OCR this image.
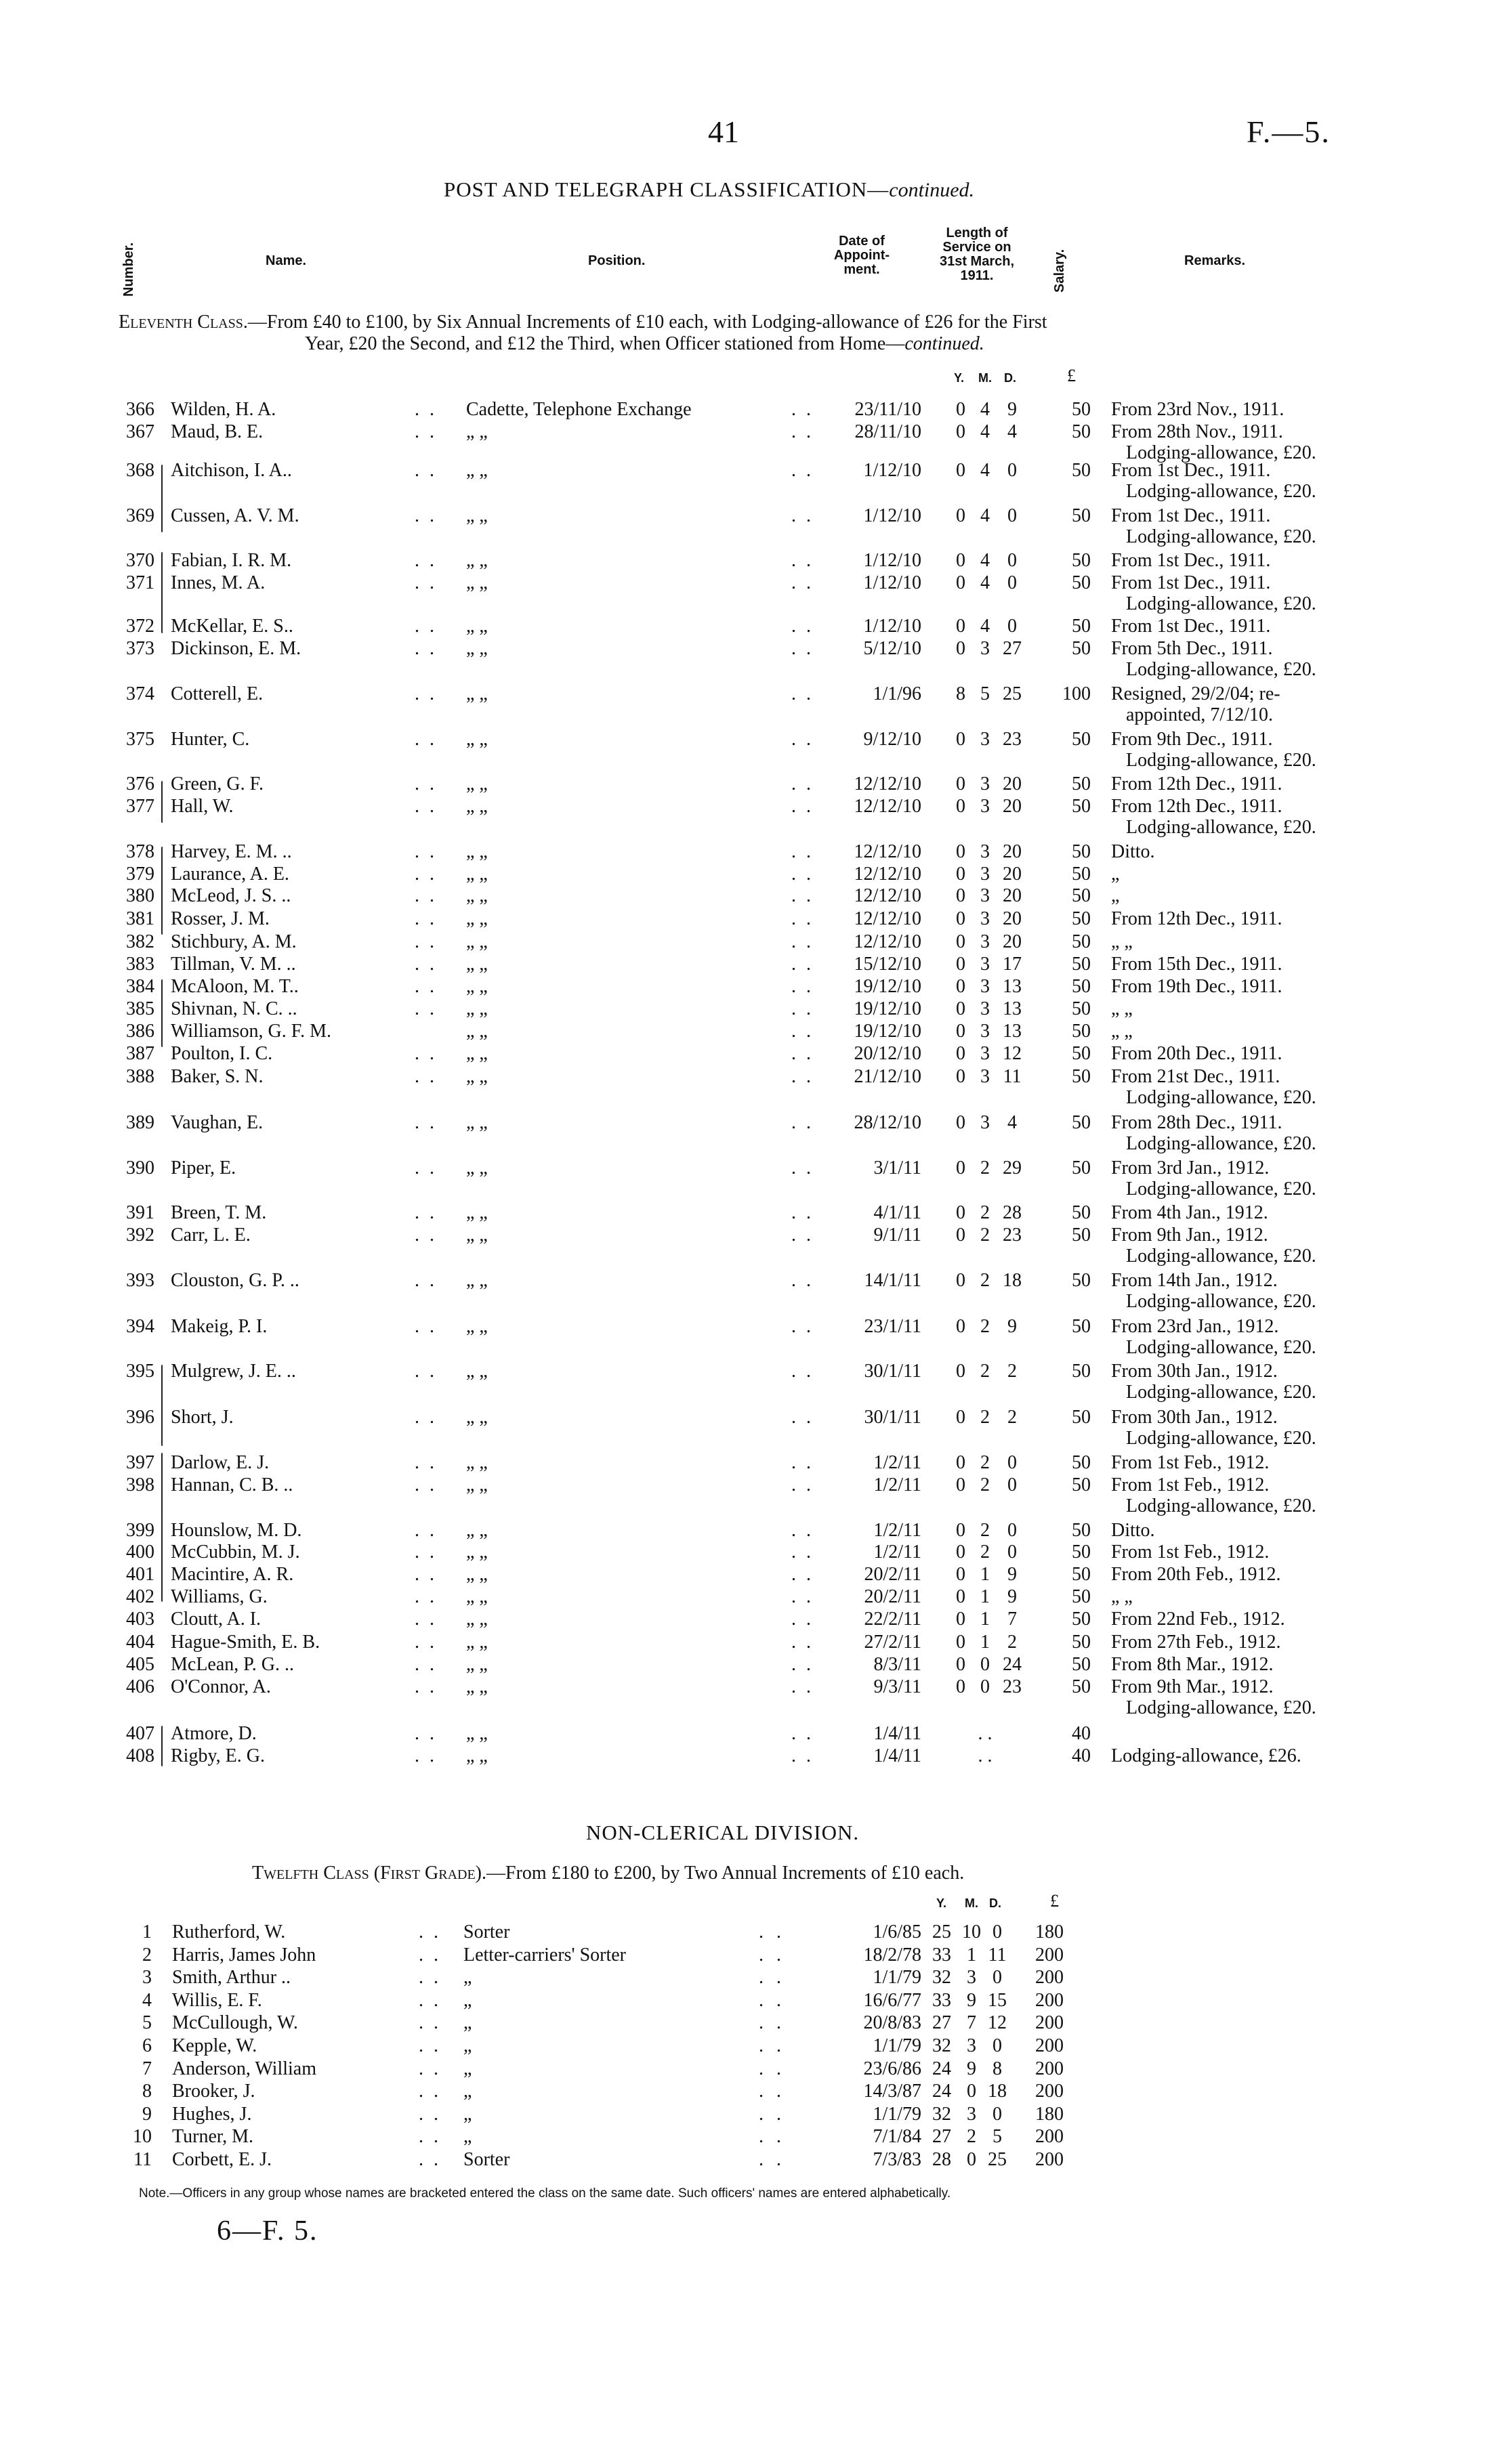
41	F.—5.
POST AND TELEGRAPH CLASSIFICATION—continued.
Number.	Name.	Position.
Date of
Appoint-
ment.
Length of
Service on
31st March,
1911.	Salary.	Remarks.
Eleventh Class.—From £40 to £100, by Six Annual Increments of £10 each, with Lodging-allowance of £26 for the First
Year, £20 the Second, and £12 the Third, when Officer stationed from Home—continued.
Y. M. D.	£
366 Wilden, H. A.	. . Cadette, Telephone Exchange	. .	23/11/10 0 4 9	50 From 23rd Nov., 1911.
367 Maud, B. E.	. . „ „	. .	28/11/10 0 4 4	50 From 28th Nov., 1911.
Lodging-allowance, £20.
368 Aitchison, I. A..	. . „ „	. .	1/12/10 0 4 0	50 From 1st Dec., 1911.
Lodging-allowance, £20.
369 Cussen, A. V. M.	. . „ „	. .	1/12/10 0 4 0	50 From 1st Dec., 1911.
Lodging-allowance, £20.
370 Fabian, I. R. M.	. . „ „	. .	1/12/10 0 4 0	50 From 1st Dec., 1911.
371 Innes, M. A.	. . „ „	. .	1/12/10 0 4 0	50 From 1st Dec., 1911.
Lodging-allowance, £20.
372 McKellar, E. S..	. . „ „	. .	1/12/10 0 4 0	50 From 1st Dec., 1911.
373 Dickinson, E. M.	. . „ „	. .	5/12/10 0 3 27	50 From 5th Dec., 1911.
Lodging-allowance, £20.
374 Cotterell, E.	. . „ „	. .	1/1/96 8 5 25	100 Resigned, 29/2/04; re-
appointed, 7/12/10.
375 Hunter, C.	. . „ „	. .	9/12/10 0 3 23	50 From 9th Dec., 1911.
Lodging-allowance, £20.
376 Green, G. F.	. . „ „	. .	12/12/10 0 3 20	50 From 12th Dec., 1911.
377 Hall, W.	. . „ „	. .	12/12/10 0 3 20	50 From 12th Dec., 1911.
Lodging-allowance, £20.
378 Harvey, E. M. ..	. . „ „	. .	12/12/10 0 3 20	50 Ditto.
379 Laurance, A. E.	. . „ „	. .	12/12/10 0 3 20	50 „
380 McLeod, J. S. ..	. . „ „	. .	12/12/10 0 3 20	50 „
381 Rosser, J. M.	. . „ „	. .	12/12/10 0 3 20	50 From 12th Dec., 1911.
382 Stichbury, A. M.	. . „ „	. .	12/12/10 0 3 20	50 „ „
383 Tillman, V. M. ..	. . „ „	. .	15/12/10 0 3 17	50 From 15th Dec., 1911.
384 McAloon, M. T..	. . „ „	. .	19/12/10 0 3 13	50 From 19th Dec., 1911.
385 Shivnan, N. C. ..	. . „ „	. .	19/12/10 0 3 13	50 „ „
386 Williamson, G. F. M.	„ „	. .	19/12/10 0 3 13	50 „ „
387 Poulton, I. C.	. . „ „	. .	20/12/10 0 3 12	50 From 20th Dec., 1911.
388 Baker, S. N.	. . „ „	. .	21/12/10 0 3 11	50 From 21st Dec., 1911.
Lodging-allowance, £20.
389 Vaughan, E.	. . „ „	. .	28/12/10 0 3 4	50 From 28th Dec., 1911.
Lodging-allowance, £20.
390 Piper, E.	. . „ „	. .	3/1/11 0 2 29	50 From 3rd Jan., 1912.
Lodging-allowance, £20.
391 Breen, T. M.	. . „ „	. .	4/1/11 0 2 28	50 From 4th Jan., 1912.
392 Carr, L. E.	. . „ „	. .	9/1/11 0 2 23	50 From 9th Jan., 1912.
Lodging-allowance, £20.
393 Clouston, G. P. ..	. . „ „	. .	14/1/11 0 2 18	50 From 14th Jan., 1912.
Lodging-allowance, £20.
394 Makeig, P. I.	. . „ „	. .	23/1/11 0 2 9	50 From 23rd Jan., 1912.
Lodging-allowance, £20.
395 Mulgrew, J. E. ..	. . „ „	. .	30/1/11 0 2 2	50 From 30th Jan., 1912.
Lodging-allowance, £20.
396 Short, J.	. . „ „	. .	30/1/11 0 2 2	50 From 30th Jan., 1912.
Lodging-allowance, £20.
397 Darlow, E. J.	. . „ „	. .	1/2/11 0 2 0	50 From 1st Feb., 1912.
398 Hannan, C. B. ..	. . „ „	. .	1/2/11 0 2 0	50 From 1st Feb., 1912.
Lodging-allowance, £20.
399 Hounslow, M. D.	. . „ „	. .	1/2/11 0 2 0	50 Ditto.
400 McCubbin, M. J.	. . „ „	. .	1/2/11 0 2 0	50 From 1st Feb., 1912.
401 Macintire, A. R.	. . „ „	. .	20/2/11 0 1 9	50 From 20th Feb., 1912.
402 Williams, G.	. . „ „	. .	20/2/11 0 1 9	50 „ „
403 Cloutt, A. I.	. . „ „	. .	22/2/11 0 1 7	50 From 22nd Feb., 1912.
404 Hague-Smith, E. B.	. . „ „	. .	27/2/11 0 1 2	50 From 27th Feb., 1912.
405 McLean, P. G. ..	. . „ „	. .	8/3/11 0 0 24	50 From 8th Mar., 1912.
406 O'Connor, A.	. . „ „	. .	9/3/11 0 0 23	50 From 9th Mar., 1912.
Lodging-allowance, £20.
407 Atmore, D.	. . „ „	. .	1/4/11	. .	40
408 Rigby, E. G.	. . „ „	. .	1/4/11	. .	40 Lodging-allowance, £26.
NON-CLERICAL DIVISION.
Twelfth Class (First Grade).—From £180 to £200, by Two Annual Increments of £10 each.
Y. M. D.	£
1 Rutherford, W.	. . Sorter	. .	1/6/85 25 10 0	180
2 Harris, James John	. . Letter-carriers' Sorter	. .	18/2/78 33 1 11	200
3 Smith, Arthur ..	. . „	. .	1/1/79 32 3 0	200
4 Willis, E. F.	. . „	. .	16/6/77 33 9 15	200
5 McCullough, W.	. . „	. .	20/8/83 27 7 12	200
6 Kepple, W.	. . „	. .	1/1/79 32 3 0	200
7 Anderson, William	. . „	. .	23/6/86 24 9 8	200
8 Brooker, J.	. . „	. .	14/3/87 24 0 18	200
9 Hughes, J.	. . „	. .	1/1/79 32 3 0	180
10 Turner, M.	. . „	. .	7/1/84 27 2 5	200
11 Corbett, E. J.	. . Sorter	. .	7/3/83 28 0 25	200
Note.—Officers in any group whose names are bracketed entered the class on the same date. Such officers' names are entered alphabetically.
6—F. 5.
